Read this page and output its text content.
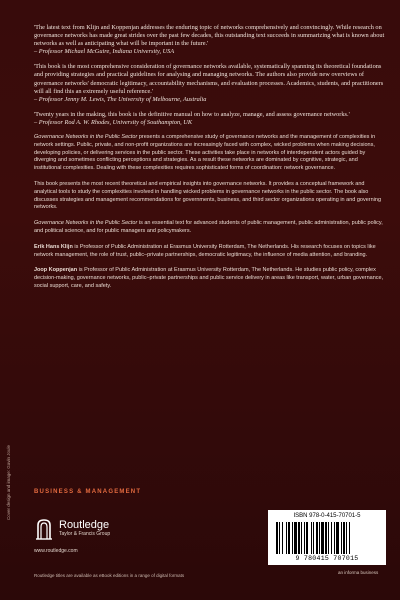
'The latest text from Klijn and Koppenjan addresses the enduring topic of networks comprehensively and convincingly. While research on governance networks has made great strides over the past few decades, this outstanding text succeeds in summarizing what is known about networks as well as anticipating what will be important in the future.'
– Professor Michael McGuire, Indiana University, USA

'This book is the most comprehensive consideration of governance networks available, systematically spanning its theoretical foundations and providing strategies and practical guidelines for analysing and managing networks. The authors also provide new overviews of governance networks' democratic legitimacy, accountability mechanisms, and evaluation processes. Academics, students, and practitioners will all find this an extremely useful reference.'
– Professor Jenny M. Lewis, The University of Melbourne, Australia

'Twenty years in the making, this book is the definitive manual on how to analyze, manage, and assess governance networks.'
– Professor Rod A. W. Rhodes, University of Southampton, UK

Governance Networks in the Public Sector presents a comprehensive study of governance networks and the management of complexities in network settings. Public, private, and non-profit organizations are increasingly faced with complex, wicked problems when making decisions, developing policies, or delivering services in the public sector. These activities take place in networks of interdependent actors guided by diverging and sometimes conflicting perceptions and strategies. As a result these networks are dominated by cognitive, strategic, and institutional complexities. Dealing with these complexities requires sophisticated forms of coordination: network governance.

This book presents the most recent theoretical and empirical insights into governance networks. It provides a conceptual framework and analytical tools to study the complexities involved in handling wicked problems in governance networks in the public sector. The book also discusses strategies and management recommendations for governments, business, and third sector organizations operating in and governing networks.

Governance Networks in the Public Sector is an essential text for advanced students of public management, public administration, public policy, and political science, and for public managers and policymakers.

Erik Hans Klijn is Professor of Public Administration at Erasmus University Rotterdam, The Netherlands. His research focuses on topics like network management, the role of trust, public–private partnerships, democratic legitimacy, the influence of media attention, and branding.

Joop Koppenjan is Professor of Public Administration at Erasmus University Rotterdam, The Netherlands. He studies public policy, complex decision-making, governance networks, public–private partnerships and public service delivery in areas like transport, water, urban governance, social support, care, and safety.

Cover design and image: Gavin Joule	BUSINESS & MANAGEMENT
Routledge
Taylor & Francis Group
www.routledge.com
Routledge titles are available as eBook editions in a range of digital formats
ISBN 978-0-415-70701-5
9 780415 707015
an informa business
